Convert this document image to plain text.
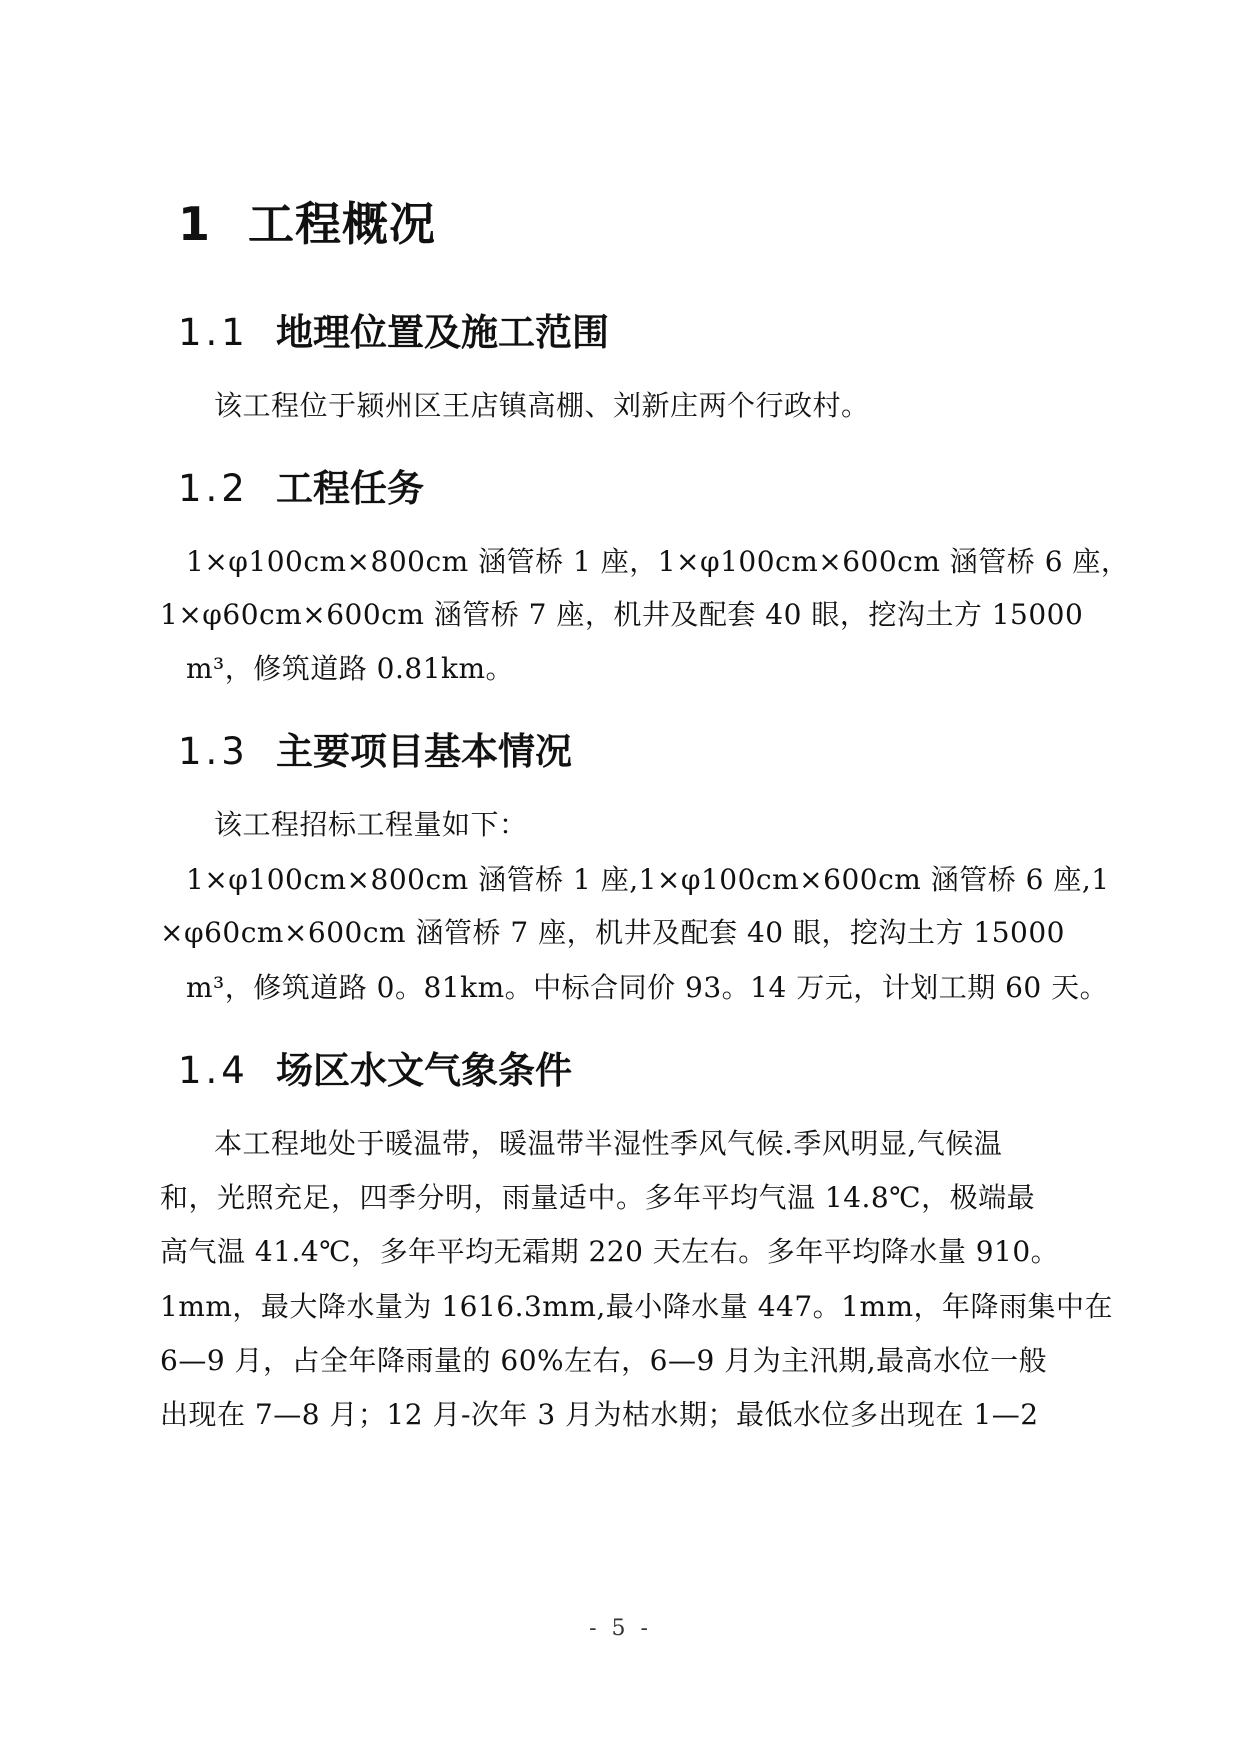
1 工程概况
1.1 地理位置及施工范围
该工程位于颍州区王店镇高棚、刘新庄两个行政村。
1.2 工程任务
1×φ100cm×800cm 涵管桥 1 座，1×φ100cm×600cm 涵管桥 6 座，
1×φ60cm×600cm 涵管桥 7 座，机井及配套 40 眼，挖沟土方 15000
m³，修筑道路 0.81km。
1.3 主要项目基本情况
该工程招标工程量如下：
1×φ100cm×800cm 涵管桥 1 座,1×φ100cm×600cm 涵管桥 6 座,1
×φ60cm×600cm 涵管桥 7 座，机井及配套 40 眼，挖沟土方 15000
m³，修筑道路 0。81km。中标合同价 93。14 万元，计划工期 60 天。
1.4 场区水文气象条件
本工程地处于暖温带，暖温带半湿性季风气候.季风明显,气候温
和，光照充足，四季分明，雨量适中。多年平均气温 14.8℃，极端最
高气温 41.4℃，多年平均无霜期 220 天左右。多年平均降水量 910。
1mm，最大降水量为 1616.3mm,最小降水量 447。1mm，年降雨集中在
6—9 月，占全年降雨量的 60%左右，6—9 月为主汛期,最高水位一般
出现在 7—8 月；12 月-次年 3 月为枯水期；最低水位多出现在 1—2
- 5 -
